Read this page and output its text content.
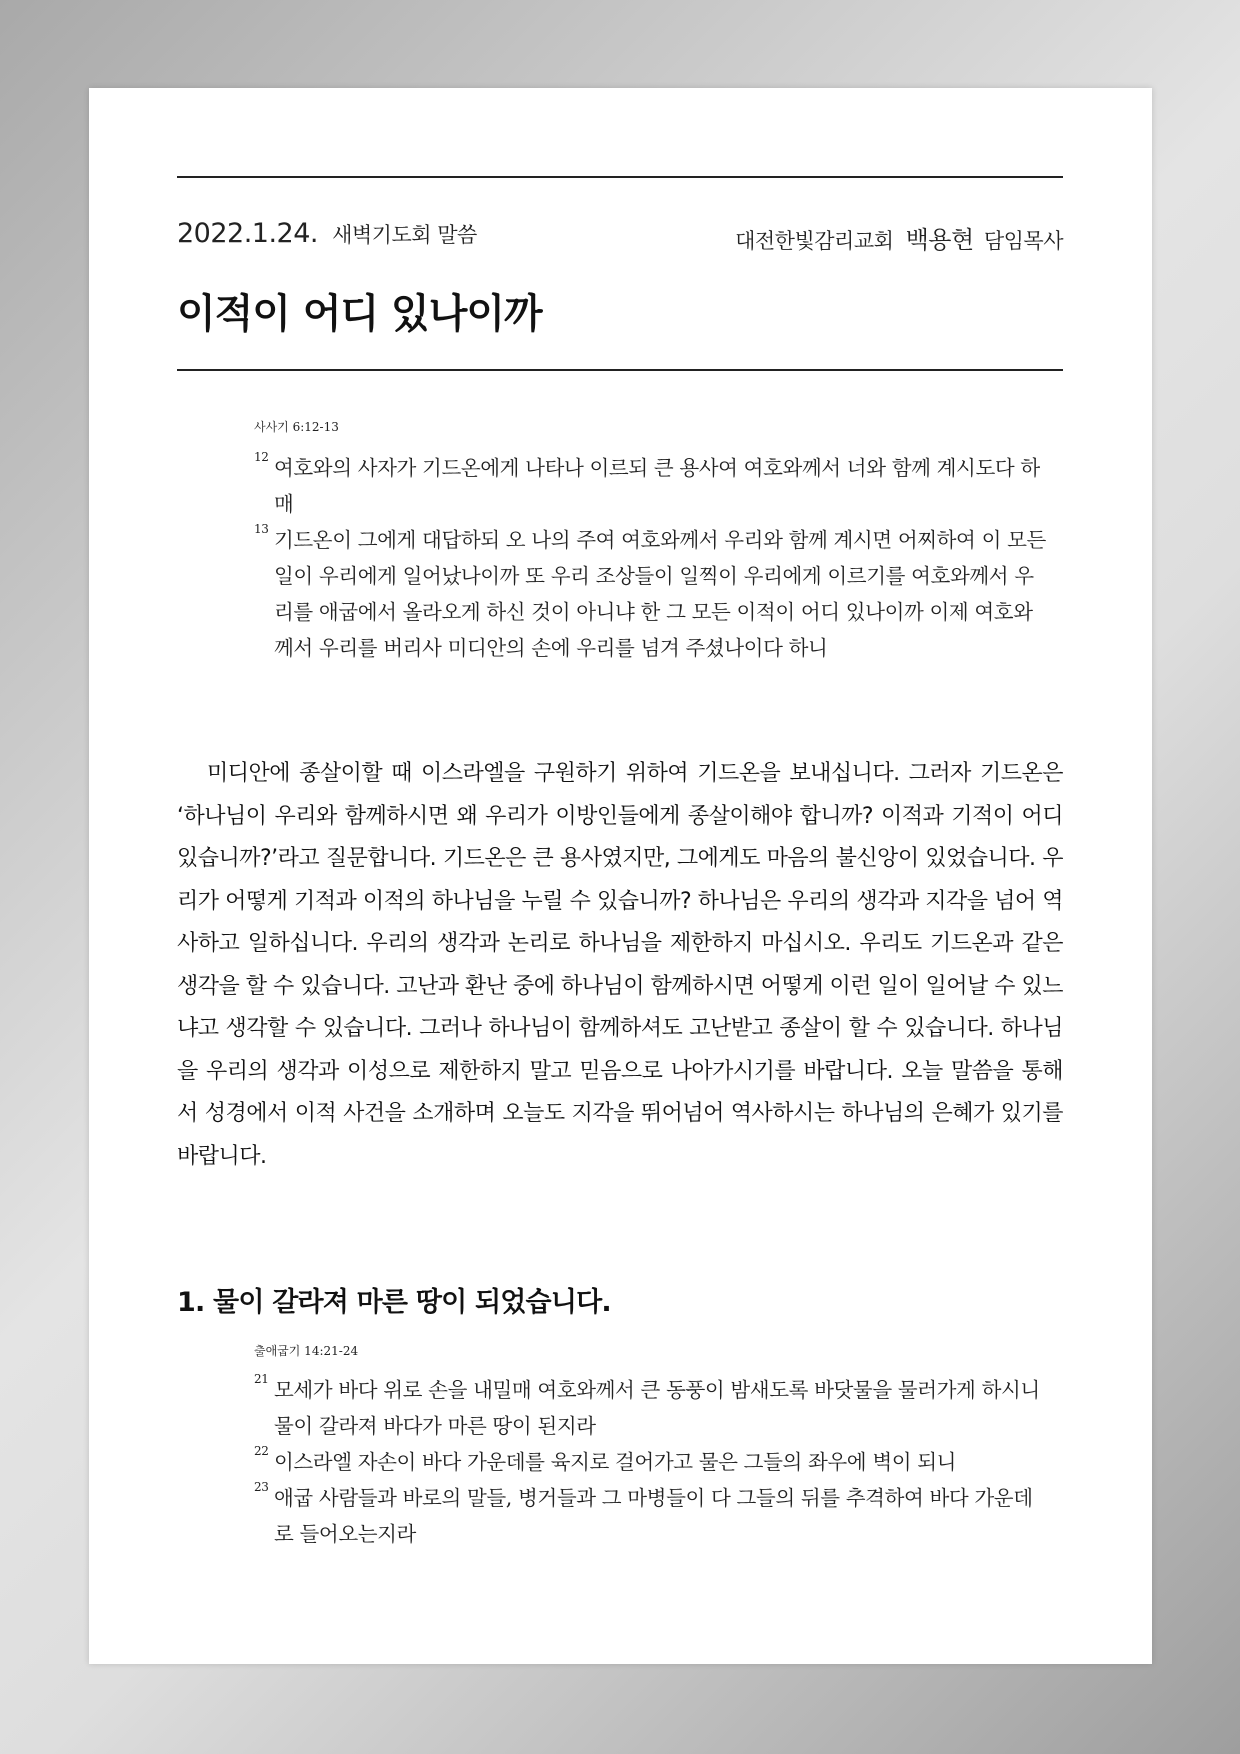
2022.1.24. 새벽기도회 말씀	대전한빛감리교회 백용현 담임목사
이적이 어디 있나이까
사사기 6:12-13
12 여호와의 사자가 기드온에게 나타나 이르되 큰 용사여 여호와께서 너와 함께 계시도다 하매
13 기드온이 그에게 대답하되 오 나의 주여 여호와께서 우리와 함께 계시면 어찌하여 이 모든 일이 우리에게 일어났나이까 또 우리 조상들이 일찍이 우리에게 이르기를 여호와께서 우리를 애굽에서 올라오게 하신 것이 아니냐 한 그 모든 이적이 어디 있나이까 이제 여호와께서 우리를 버리사 미디안의 손에 우리를 넘겨 주셨나이다 하니

미디안에 종살이할 때 이스라엘을 구원하기 위하여 기드온을 보내십니다. 그러자 기드온은 ‘하나님이 우리와 함께하시면 왜 우리가 이방인들에게 종살이해야 합니까? 이적과 기적이 어디 있습니까?’라고 질문합니다. 기드온은 큰 용사였지만, 그에게도 마음의 불신앙이 있었습니다. 우리가 어떻게 기적과 이적의 하나님을 누릴 수 있습니까? 하나님은 우리의 생각과 지각을 넘어 역사하고 일하십니다. 우리의 생각과 논리로 하나님을 제한하지 마십시오. 우리도 기드온과 같은 생각을 할 수 있습니다. 고난과 환난 중에 하나님이 함께하시면 어떻게 이런 일이 일어날 수 있느냐고 생각할 수 있습니다. 그러나 하나님이 함께하셔도 고난받고 종살이 할 수 있습니다. 하나님을 우리의 생각과 이성으로 제한하지 말고 믿음으로 나아가시기를 바랍니다. 오늘 말씀을 통해서 성경에서 이적 사건을 소개하며 오늘도 지각을 뛰어넘어 역사하시는 하나님의 은혜가 있기를 바랍니다.

1. 물이 갈라져 마른 땅이 되었습니다.
출애굽기 14:21-24
21 모세가 바다 위로 손을 내밀매 여호와께서 큰 동풍이 밤새도록 바닷물을 물러가게 하시니 물이 갈라져 바다가 마른 땅이 된지라
22 이스라엘 자손이 바다 가운데를 육지로 걸어가고 물은 그들의 좌우에 벽이 되니
23 애굽 사람들과 바로의 말들, 병거들과 그 마병들이 다 그들의 뒤를 추격하여 바다 가운데로 들어오는지라
